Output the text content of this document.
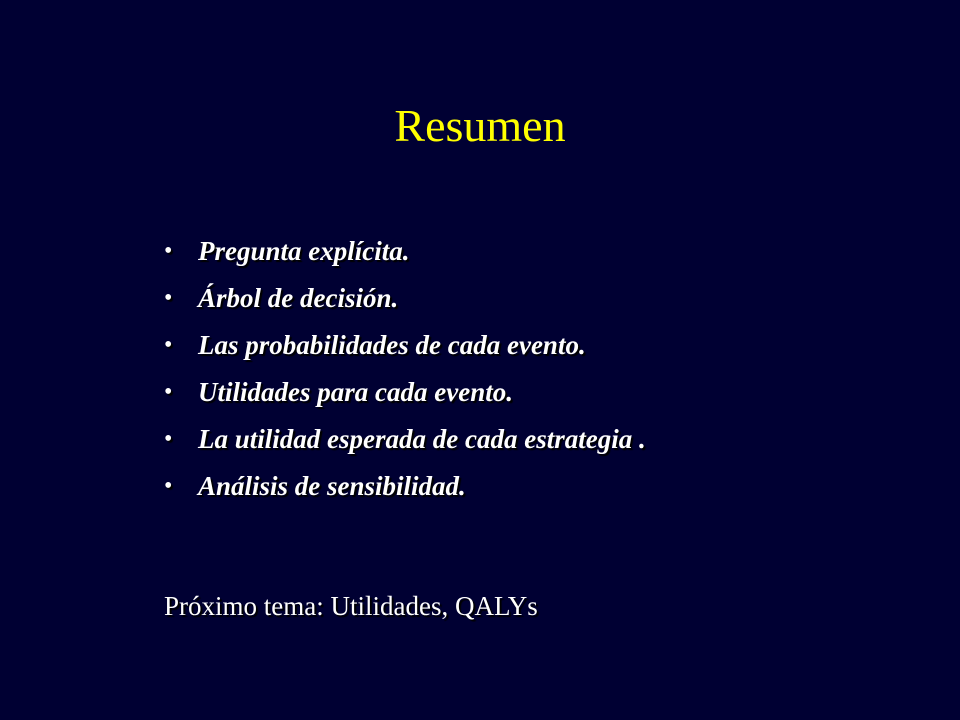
Resumen
• Pregunta explícita.
• Árbol de decisión.
• Las probabilidades de cada evento.
• Utilidades para cada evento.
• La utilidad esperada de cada estrategia .
• Análisis de sensibilidad.
Próximo tema: Utilidades, QALYs
